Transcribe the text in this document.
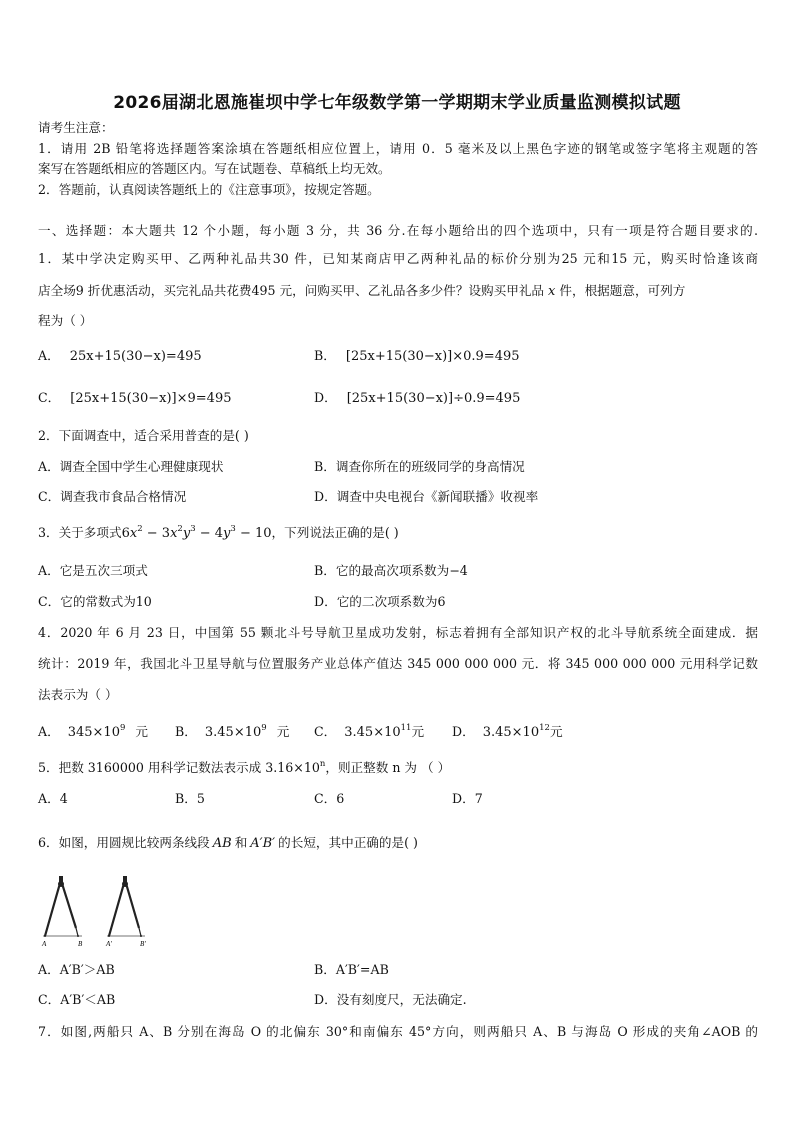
2026届湖北恩施崔坝中学七年级数学第一学期期末学业质量监测模拟试题
请考生注意：
1．请用 2B 铅笔将选择题答案涂填在答题纸相应位置上，请用 0．5 毫米及以上黑色字迹的钢笔或签字笔将主观题的答
案写在答题纸相应的答题区内。写在试题卷、草稿纸上均无效。
2．答题前，认真阅读答题纸上的《注意事项》，按规定答题。
一、选择题：本大题共 12 个小题，每小题 3 分，共 36 分.在每小题给出的四个选项中，只有一项是符合题目要求的.
1．某中学决定购买甲、乙两种礼品共30 件，已知某商店甲乙两种礼品的标价分别为25 元和15 元，购买时恰逢该商
店全场9 折优惠活动，买完礼品共花费495 元，问购买甲、乙礼品各多少件？设购买甲礼品 x 件，根据题意，可列方
程为（ ）
A． 25x+15(30−x)=495	B． [25x+15(30−x)]×0.9=495
C． [25x+15(30−x)]×9=495	D． [25x+15(30−x)]÷0.9=495
2．下面调查中，适合采用普查的是( )
A．调查全国中学生心理健康现状	B．调查你所在的班级同学的身高情况
C．调查我市食品合格情况	D．调查中央电视台《新闻联播》收视率
3．关于多项式$6x^2 - 3x^2y^3 - 4y^3 - 10$，下列说法正确的是( )
A．它是五次三项式	B．它的最高次项系数为−4
C．它的常数式为10	D．它的二次项系数为6
4．2020 年 6 月 23 日，中国第 55 颗北斗号导航卫星成功发射，标志着拥有全部知识产权的北斗导航系统全面建成．据
统计：2019 年，我国北斗卫星导航与位置服务产业总体产值达 345 000 000 000 元．将 345 000 000 000 元用科学记数
法表示为（ ）
A． $345\times 10^9$ 元 B． $3.45\times 10^9$ 元 C． $3.45\times 10^{11}$元 D． $3.45\times 10^{12}$元
5．把数 3160000 用科学记数法表示成 $3.16\times 10^n$，则正整数 n 为 （ ）
A．4	B．5	C．6	D．7
6．如图，用圆规比较两条线段 AB 和 A′B′ 的长短，其中正确的是( )
A	B	A′	B′
A．A′B′＞AB	B．A′B′=AB
C．A′B′＜AB	D．没有刻度尺，无法确定.
7．如图,两船只 A、B 分别在海岛 O 的北偏东 30°和南偏东 45°方向，则两船只 A、B 与海岛 O 形成的夹角∠AOB 的
